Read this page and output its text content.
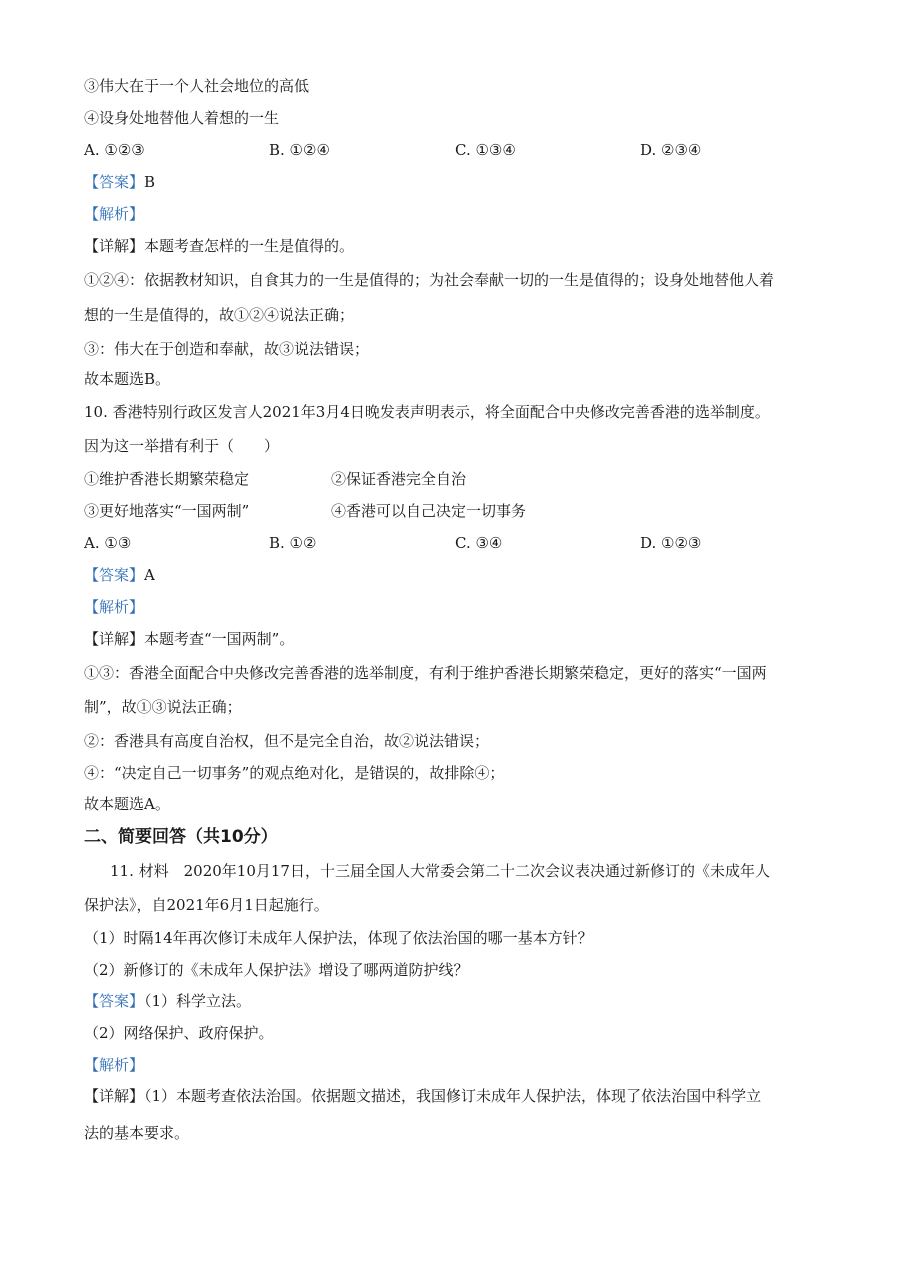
③伟大在于一个人社会地位的高低
④设身处地替他人着想的一生
A. ①②③	B. ①②④	C. ①③④	D. ②③④
【答案】B
【解析】
【详解】本题考查怎样的一生是值得的。
①②④：依据教材知识，自食其力的一生是值得的；为社会奉献一切的一生是值得的；设身处地替他人着
想的一生是值得的，故①②④说法正确；
③：伟大在于创造和奉献，故③说法错误；
故本题选B。
10. 香港特别行政区发言人2021年3月4日晚发表声明表示，将全面配合中央修改完善香港的选举制度。
因为这一举措有利于（　　）
①维护香港长期繁荣稳定	②保证香港完全自治
③更好地落实“一国两制”	④香港可以自己决定一切事务
A. ①③	B. ①②	C. ③④	D. ①②③
【答案】A
【解析】
【详解】本题考查“一国两制”。
①③：香港全面配合中央修改完善香港的选举制度，有利于维护香港长期繁荣稳定，更好的落实“一国两
制”，故①③说法正确；
②：香港具有高度自治权，但不是完全自治，故②说法错误；
④：“决定自己一切事务”的观点绝对化，是错误的，故排除④；
故本题选A。
二、简要回答（共10分）
11. 材料　2020年10月17日，十三届全国人大常委会第二十二次会议表决通过新修订的《未成年人
保护法》，自2021年6月1日起施行。
（1）时隔14年再次修订未成年人保护法，体现了依法治国的哪一基本方针？
（2）新修订的《未成年人保护法》增设了哪两道防护线？
【答案】（1）科学立法。
（2）网络保护、政府保护。
【解析】
【详解】（1）本题考查依法治国。依据题文描述，我国修订未成年人保护法，体现了依法治国中科学立
法的基本要求。
